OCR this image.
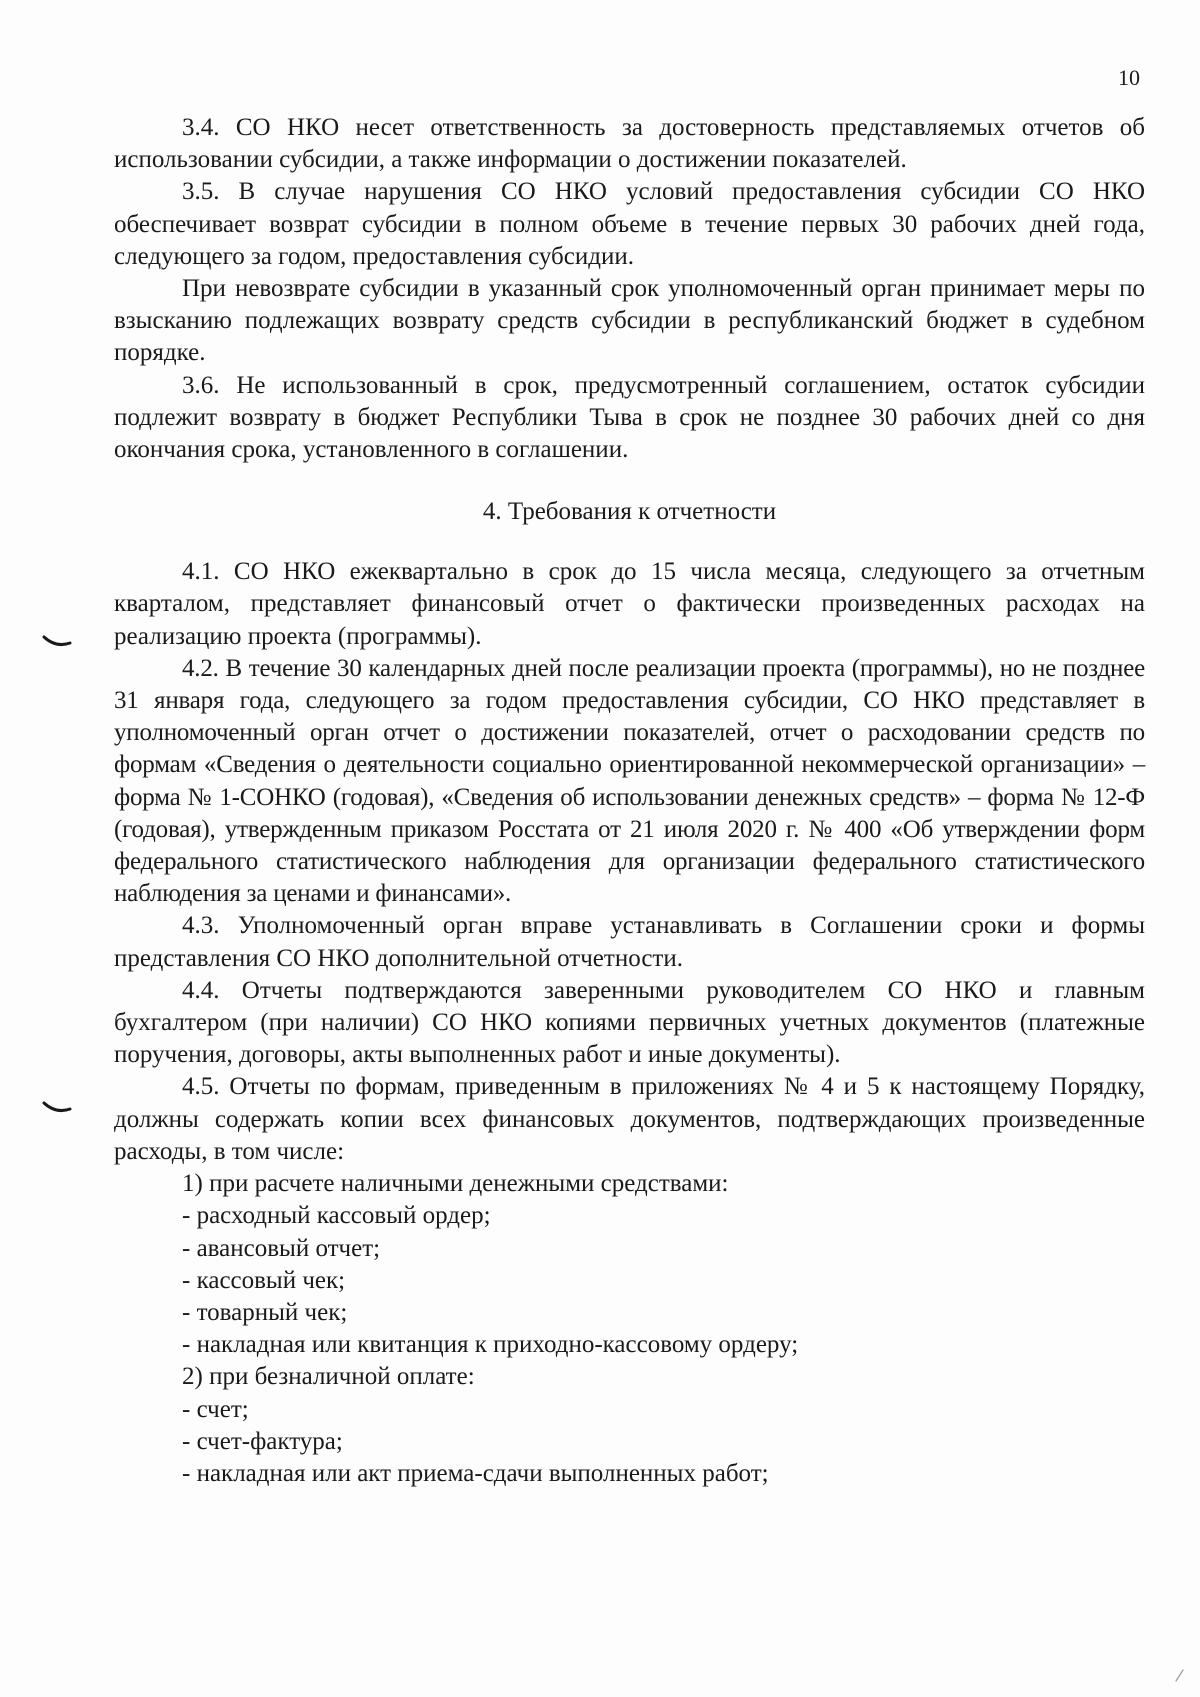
10

3.4. СО НКО несет ответственность за достоверность представляемых отчетов об использовании субсидии, а также информации о достижении показателей.

3.5. В случае нарушения СО НКО условий предоставления субсидии СО НКО обеспечивает возврат субсидии в полном объеме в течение первых 30 рабочих дней года, следующего за годом, предоставления субсидии.

При невозврате субсидии в указанный срок уполномоченный орган принимает меры по взысканию подлежащих возврату средств субсидии в республиканский бюджет в судебном порядке.

3.6. Не использованный в срок, предусмотренный соглашением, остаток субсидии подлежит возврату в бюджет Республики Тыва в срок не позднее 30 рабочих дней со дня окончания срока, установленного в соглашении.

4. Требования к отчетности

4.1. СО НКО ежеквартально в срок до 15 числа месяца, следующего за отчетным кварталом, представляет финансовый отчет о фактически произведенных расходах на реализацию проекта (программы).

4.2. В течение 30 календарных дней после реализации проекта (программы), но не позднее 31 января года, следующего за годом предоставления субсидии, СО НКО представляет в уполномоченный орган отчет о достижении показателей, отчет о расходовании средств по формам «Сведения о деятельности социально ориентированной некоммерческой организации» – форма № 1-СОНКО (годовая), «Сведения об использовании денежных средств» – форма № 12-Ф (годовая), утвержденным приказом Росстата от 21 июля 2020 г. № 400 «Об утверждении форм федерального статистического наблюдения для организации федерального статистического наблюдения за ценами и финансами».

4.3. Уполномоченный орган вправе устанавливать в Соглашении сроки и формы представления СО НКО дополнительной отчетности.

4.4. Отчеты подтверждаются заверенными руководителем СО НКО и главным бухгалтером (при наличии) СО НКО копиями первичных учетных документов (платежные поручения, договоры, акты выполненных работ и иные документы).

4.5. Отчеты по формам, приведенным в приложениях № 4 и 5 к настоящему Порядку, должны содержать копии всех финансовых документов, подтверждающих произведенные расходы, в том числе:

1) при расчете наличными денежными средствами:

- расходный кассовый ордер;

- авансовый отчет;

- кассовый чек;

- товарный чек;

- накладная или квитанция к приходно-кассовому ордеру;

2) при безналичной оплате:

- счет;

- счет-фактура;

- накладная или акт приема-сдачи выполненных работ;
